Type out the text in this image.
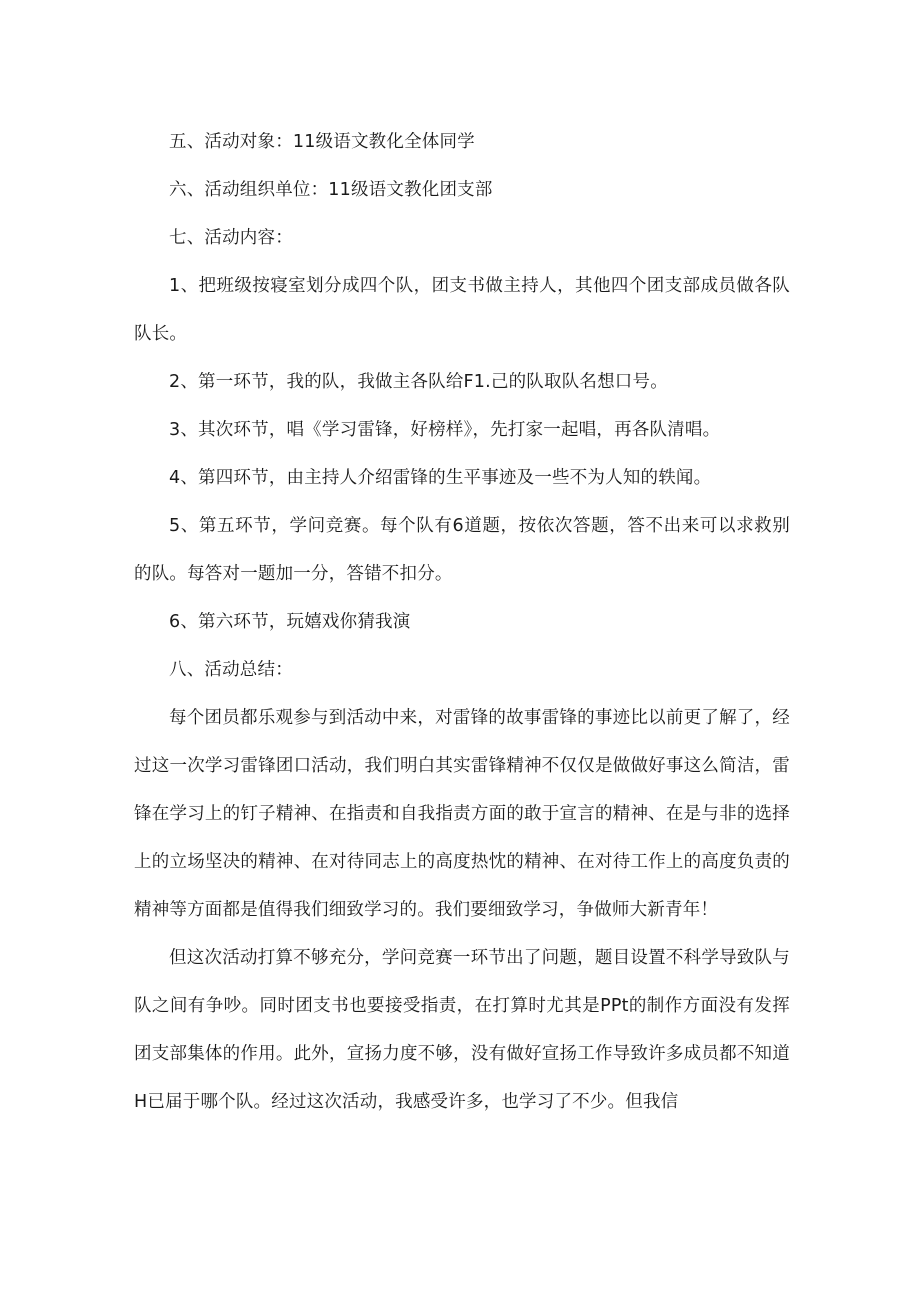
五、活动对象：11级语文教化全体同学

六、活动组织单位：11级语文教化团支部

七、活动内容：

1、把班级按寝室划分成四个队，团支书做主持人，其他四个团支部成员做各队队长。

2、第一环节，我的队，我做主各队给F1.己的队取队名想口号。

3、其次环节，唱《学习雷锋，好榜样》，先打家一起唱，再各队清唱。

4、第四环节，由主持人介绍雷锋的生平事迹及一些不为人知的轶闻。

5、第五环节，学问竞赛。每个队有6道题，按依次答题，答不出来可以求救别的队。每答对一题加一分，答错不扣分。

6、第六环节，玩嬉戏你猜我演

八、活动总结：

每个团员都乐观参与到活动中来，对雷锋的故事雷锋的事迹比以前更了解了，经过这一次学习雷锋团口活动，我们明白其实雷锋精神不仅仅是做做好事这么简洁，雷锋在学习上的钉子精神、在指责和自我指责方面的敢于宣言的精神、在是与非的选择上的立场坚决的精神、在对待同志上的高度热忱的精神、在对待工作上的高度负责的精神等方面都是值得我们细致学习的。我们要细致学习，争做师大新青年！

但这次活动打算不够充分，学问竞赛一环节出了问题，题目设置不科学导致队与队之间有争吵。同时团支书也要接受指责，在打算时尤其是PPt的制作方面没有发挥团支部集体的作用。此外，宣扬力度不够，没有做好宣扬工作导致许多成员都不知道H已届于哪个队。经过这次活动，我感受许多，也学习了不少。但我信
